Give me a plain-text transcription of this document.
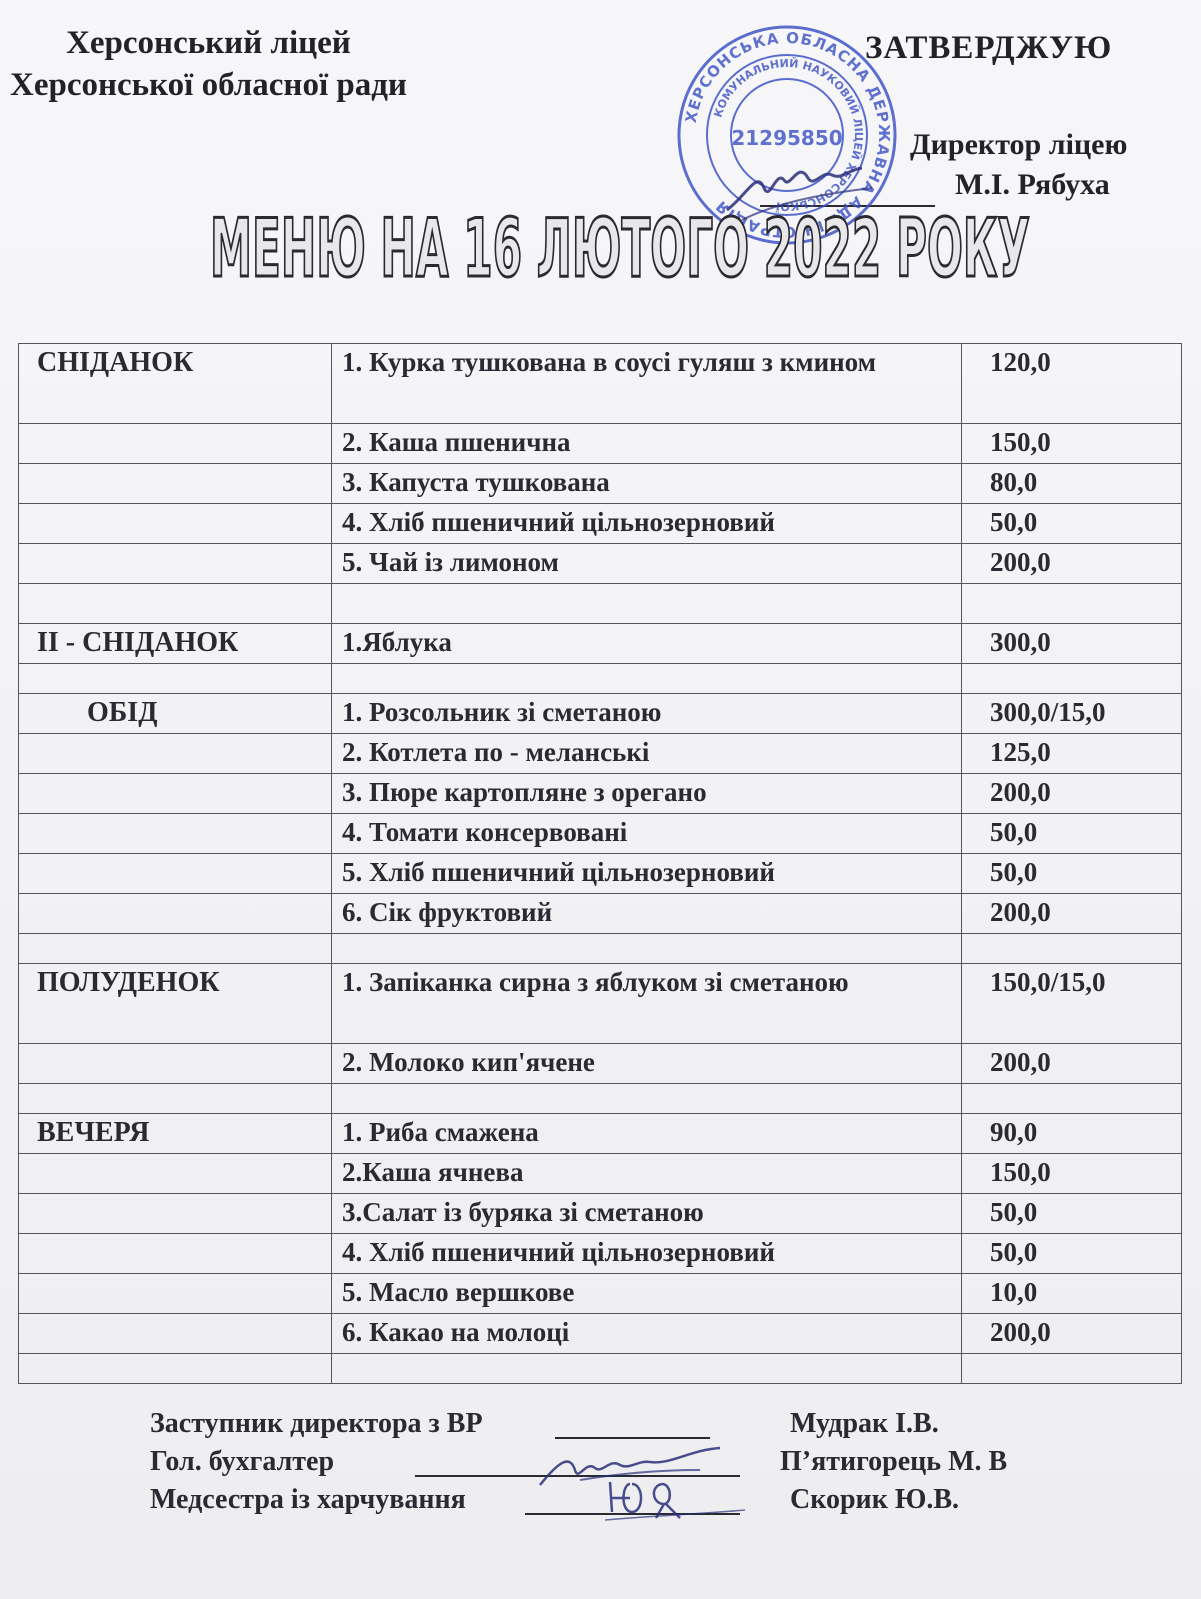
Херсонський ліцей
Херсонської обласної ради
ЗАТВЕРДЖУЮ
Директор ліцею
М.І. Рябуха
ХЕРСОНСЬКА ОБЛАСНА ДЕРЖАВНА АДМІНІСТРАЦІЯ
КОМУНАЛЬНИЙ НАУКОВИЙ ЛІЦЕЙ ХЕРСОНСЬКОЇ
21295850
МЕНЮ НА 16 ЛЮТОГО 2022 РОКУ
СНІДАНОК	1. Курка тушкована в соусі гуляш з кмином	120,0
	2. Каша пшенична	150,0
	3. Капуста тушкована	80,0
	4. Хліб пшеничний цільнозерновий	50,0
	5. Чай із лимоном	200,0

ІІ - СНІДАНОК	1.Яблука	300,0

ОБІД	1. Розсольник зі сметаною	300,0/15,0
	2. Котлета по - меланські	125,0
	3. Пюре картопляне з орегано	200,0
	4. Томати консервовані	50,0
	5. Хліб пшеничний цільнозерновий	50,0
	6. Сік фруктовий	200,0

ПОЛУДЕНОК	1. Запіканка сирна з яблуком зі сметаною	150,0/15,0
	2. Молоко кип'ячене	200,0

ВЕЧЕРЯ	1. Риба смажена	90,0
	2.Каша ячнева	150,0
	3.Салат із буряка зі сметаною	50,0
	4. Хліб пшеничний цільнозерновий	50,0
	5. Масло вершкове	10,0
	6. Какао на молоці	200,0

Заступник директора з ВР	Мудрак І.В.
Гол. бухгалтер	П’ятигорець М. В
Медсестра із харчування	Скорик Ю.В.
